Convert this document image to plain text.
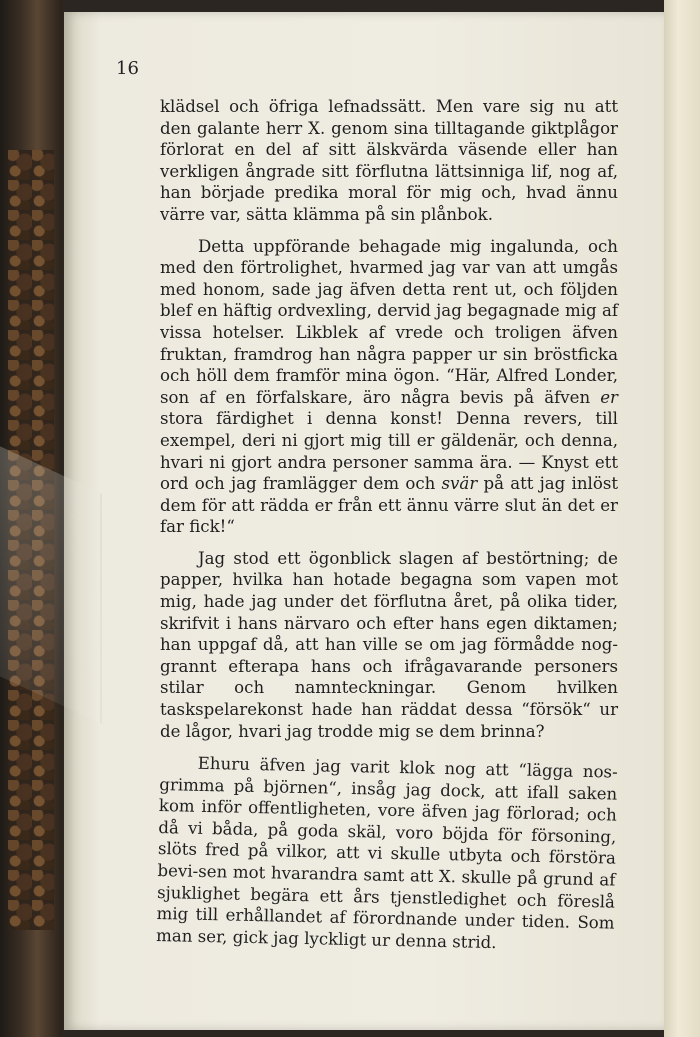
16

klädsel och öfriga lefnadssätt. Men vare sig nu att den galante herr X. genom sina tilltagande giktplågor förlorat en del af sitt älskvärda väsende eller han verkligen ångrade sitt förflutna lättsinniga lif, nog af, han började predika moral för mig och, hvad ännu värre var, sätta klämma på sin plånbok.

Detta uppförande behagade mig ingalunda, och med den förtrolighet, hvarmed jag var van att umgås med honom, sade jag äfven detta rent ut, och följden blef en häftig ordvexling, dervid jag begagnade mig af vissa hotelser. Likblek af vrede och troligen äfven fruktan, framdrog han några papper ur sin bröstficka och höll dem framför mina ögon. “Här, Alfred Londer, son af en förfalskare, äro några bevis på äfven er stora färdighet i denna konst! Denna revers, till exempel, deri ni gjort mig till er gäldenär, och denna, hvari ni gjort andra personer samma ära. — Knyst ett ord och jag framlägger dem och svär på att jag inlöst dem för att rädda er från ett ännu värre slut än det er far fick!“

Jag stod ett ögonblick slagen af bestörtning; de papper, hvilka han hotade begagna som vapen mot mig, hade jag under det förflutna året, på olika tider, skrifvit i hans närvaro och efter hans egen diktamen; han uppgaf då, att han ville se om jag förmådde nog-grannt efterapa hans och ifrågavarande personers stilar och namnteckningar. Genom hvilken taskspelarekonst hade han räddat dessa “försök“ ur de lågor, hvari jag trodde mig se dem brinna?

Ehuru äfven jag varit klok nog att “lägga nos-grimma på björnen“, insåg jag dock, att ifall saken kom inför offentligheten, vore äfven jag förlorad; och då vi båda, på goda skäl, voro böjda för försoning, slöts fred på vilkor, att vi skulle utbyta och förstöra bevi-sen mot hvarandra samt att X. skulle på grund af sjuklighet begära ett års tjenstledighet och föreslå mig till erhållandet af förordnande under tiden. Som man ser, gick jag lyckligt ur denna strid.
